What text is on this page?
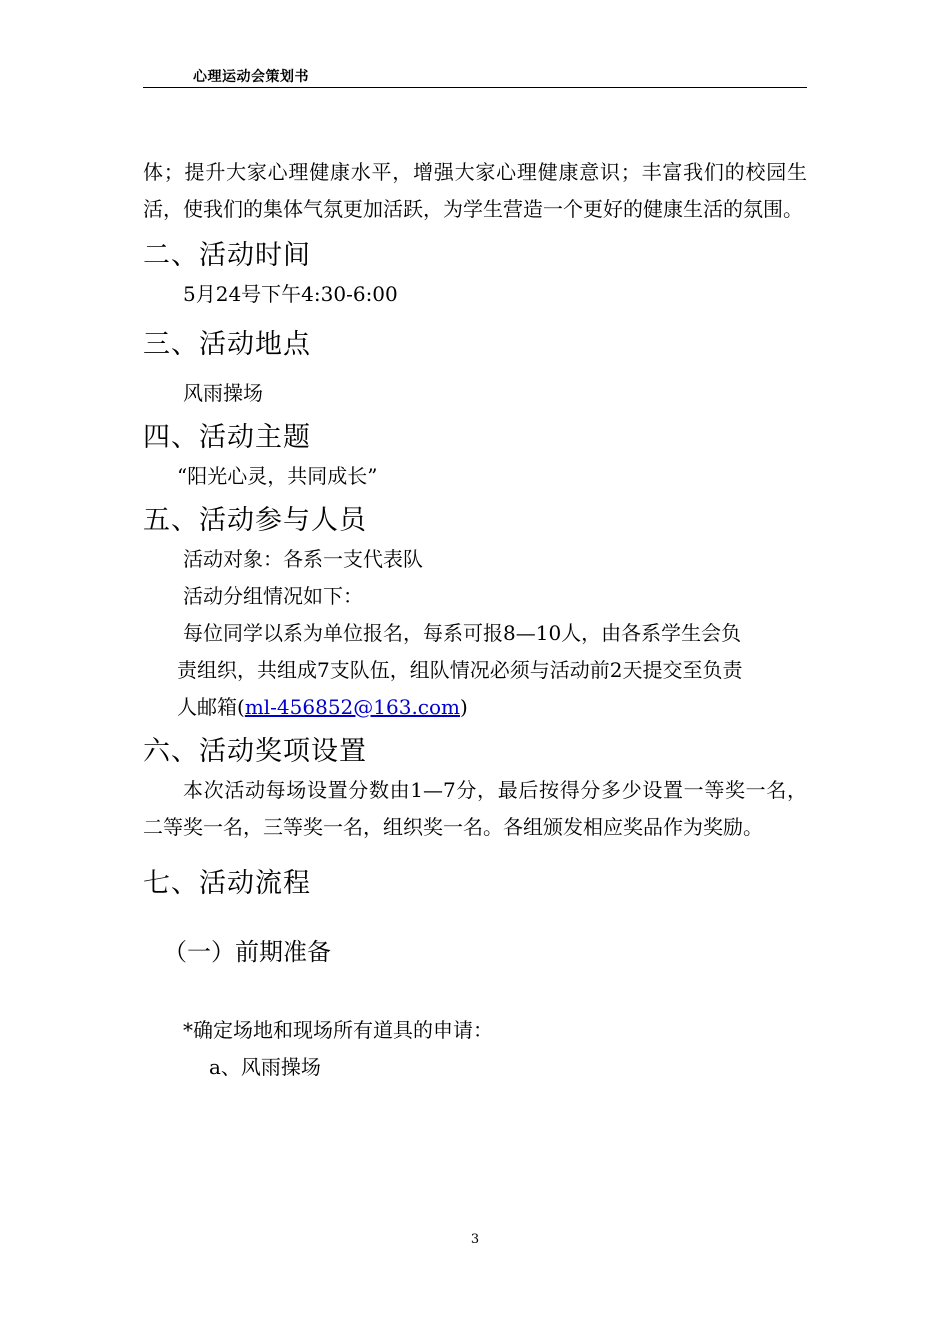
心理运动会策划书

体；提升大家心理健康水平，增强大家心理健康意识；丰富我们的校园生活，使我们的集体气氛更加活跃，为学生营造一个更好的健康生活的氛围。

二、活动时间

5月24号下午4:30-6:00

三、活动地点

风雨操场

四、活动主题

“阳光心灵，共同成长”

五、活动参与人员

活动对象：各系一支代表队

活动分组情况如下：

每位同学以系为单位报名，每系可报8—10人，由各系学生会负

责组织，共组成7支队伍，组队情况必须与活动前2天提交至负责

人邮箱(ml-456852@163.com)

六、活动奖项设置

本次活动每场设置分数由1—7分，最后按得分多少设置一等奖一名，二等奖一名，三等奖一名，组织奖一名。各组颁发相应奖品作为奖励。

七、活动流程
（一）前期准备

*确定场地和现场所有道具的申请：

a、风雨操场

3
